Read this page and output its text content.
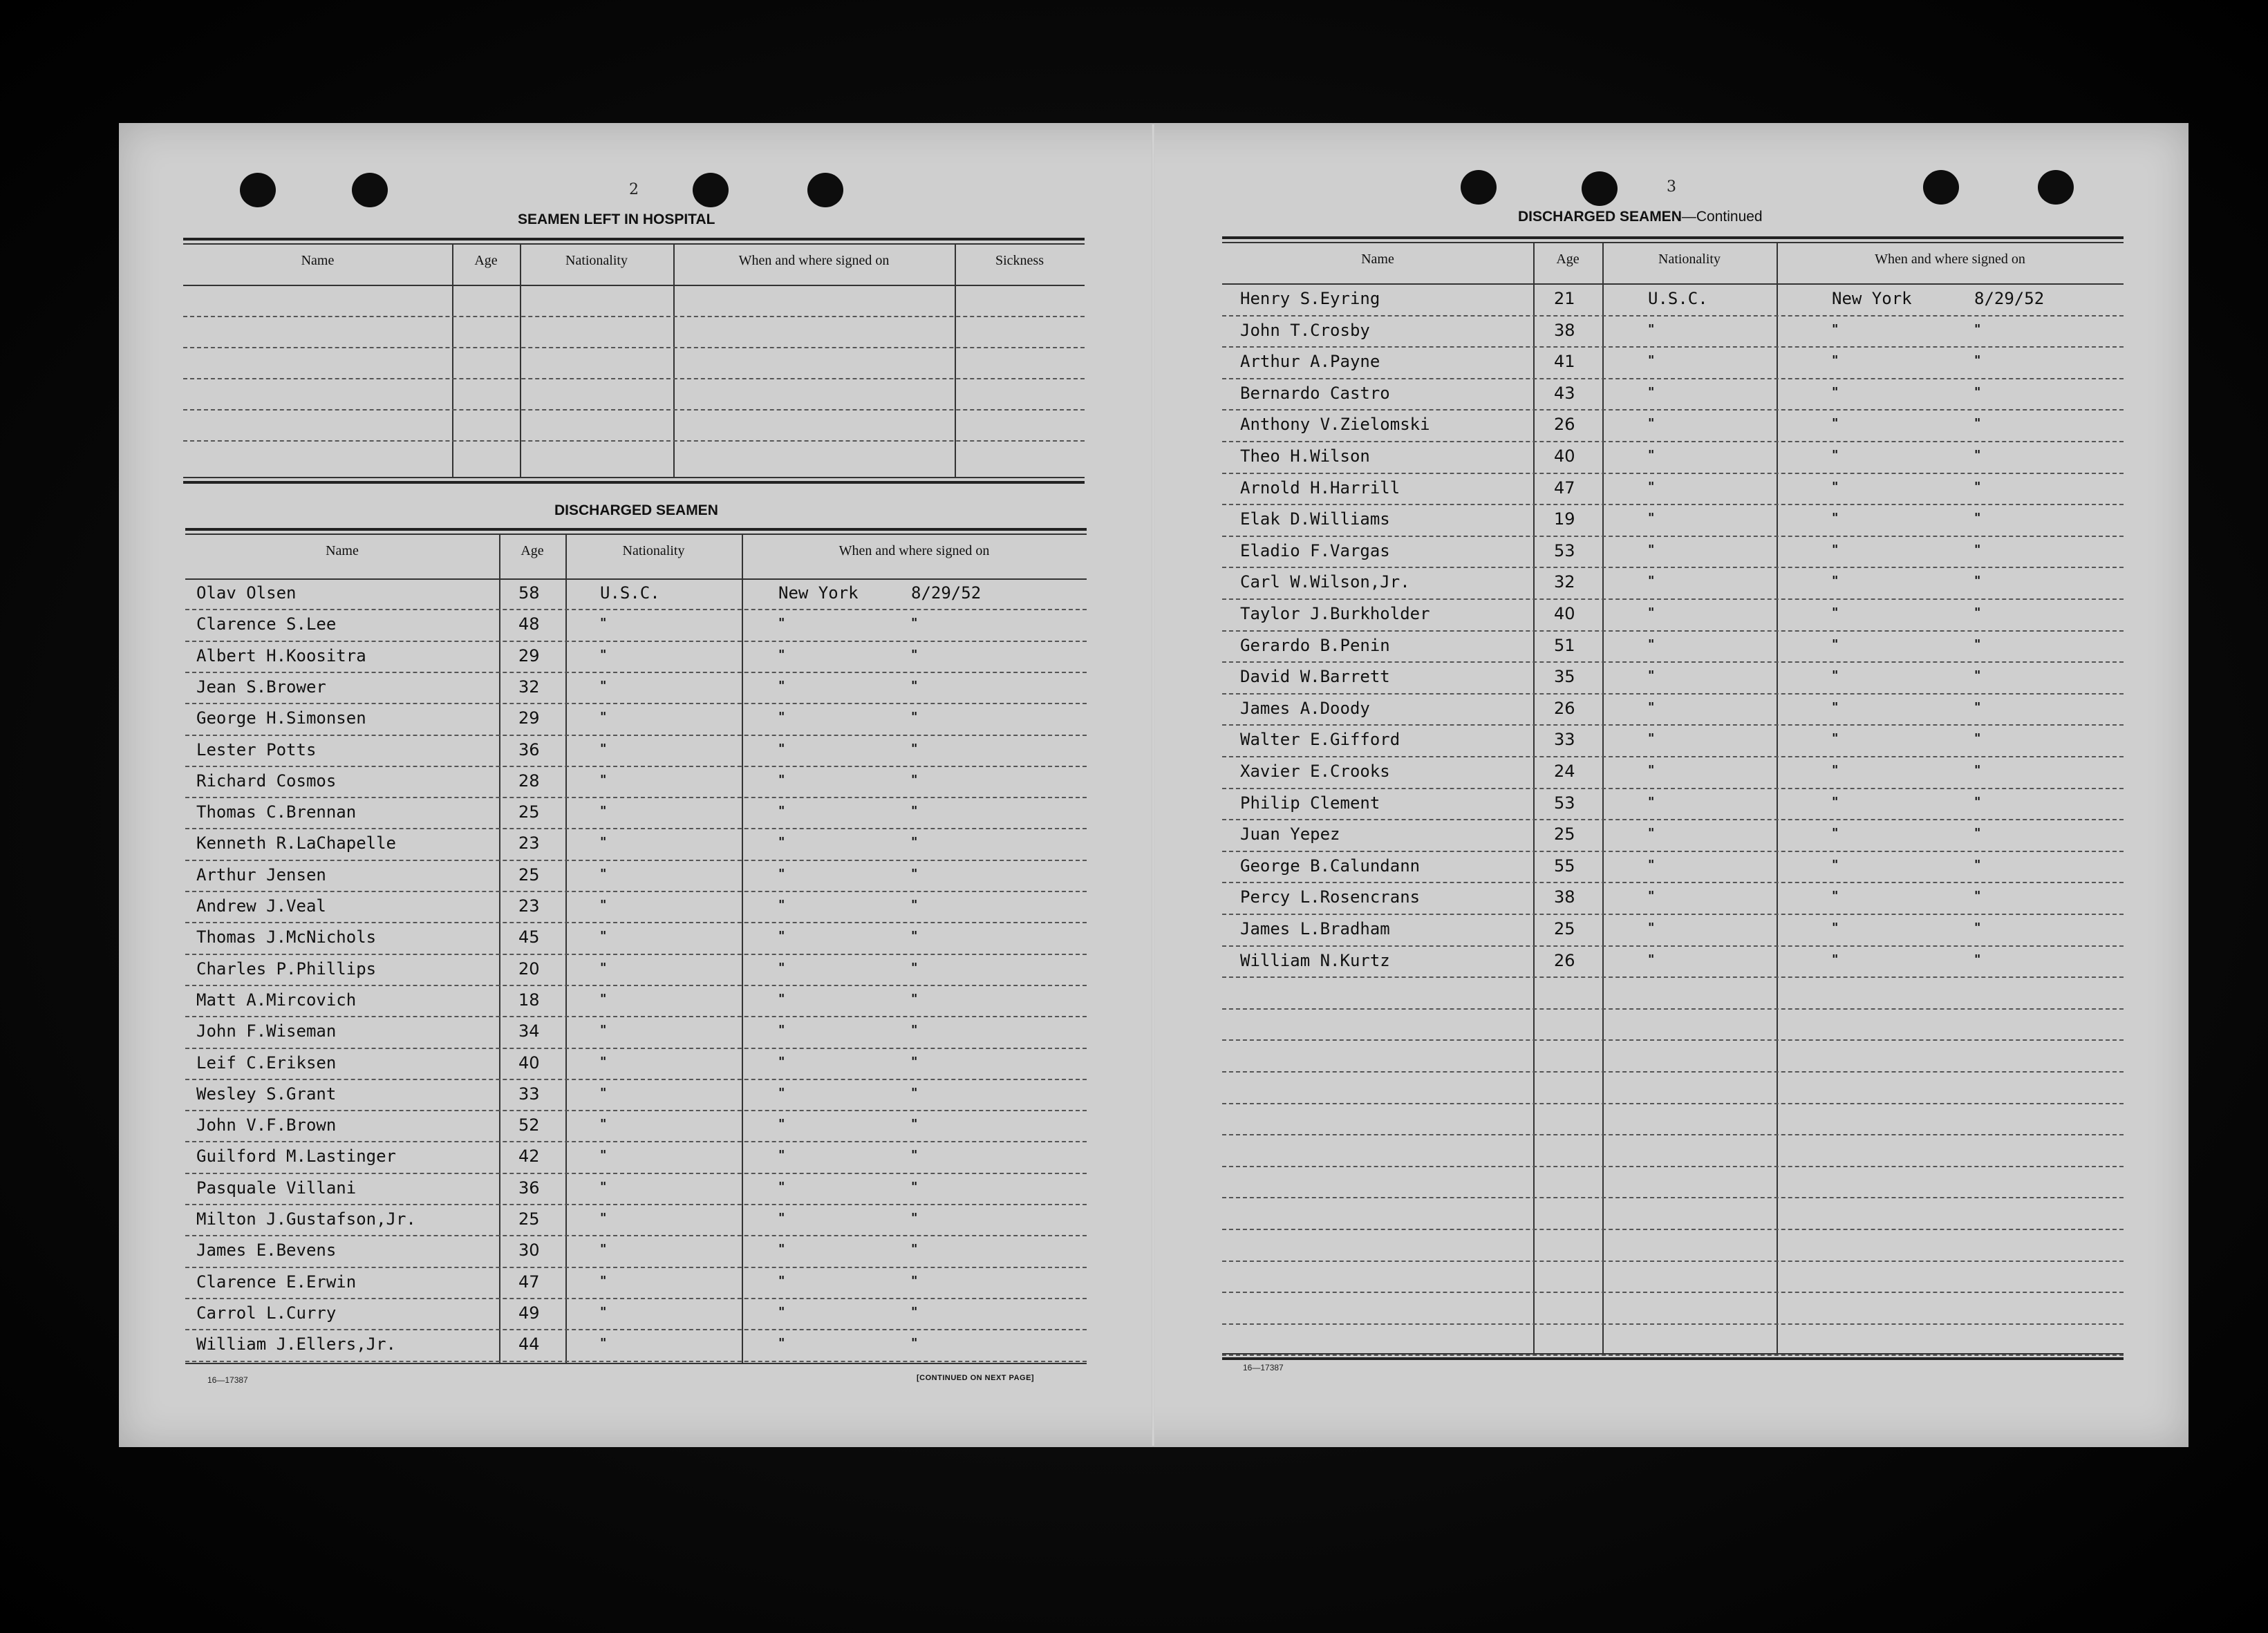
2
SEAMEN LEFT IN HOSPITAL
Name	Age	Nationality	When and where signed on	Sickness
DISCHARGED SEAMEN
Name	Age	Nationality	When and where signed on
Olav Olsen	58	U.S.C.	New York	8/29/52
Clarence S.Lee	48	"	"	"
Albert H.Koositra	29	"	"	"
Jean S.Brower	32	"	"	"
George H.Simonsen	29	"	"	"
Lester Potts	36	"	"	"
Richard Cosmos	28	"	"	"
Thomas C.Brennan	25	"	"	"
Kenneth R.LaChapelle	23	"	"	"
Arthur Jensen	25	"	"	"
Andrew J.Veal	23	"	"	"
Thomas J.McNichols	45	"	"	"
Charles P.Phillips	20	"	"	"
Matt A.Mircovich	18	"	"	"
John F.Wiseman	34	"	"	"
Leif C.Eriksen	40	"	"	"
Wesley S.Grant	33	"	"	"
John V.F.Brown	52	"	"	"
Guilford M.Lastinger	42	"	"	"
Pasquale Villani	36	"	"	"
Milton J.Gustafson,Jr.	25	"	"	"
James E.Bevens	30	"	"	"
Clarence E.Erwin	47	"	"	"
Carrol L.Curry	49	"	"	"
William J.Ellers,Jr.	44	"	"	"
16—17387	[CONTINUED ON NEXT PAGE]
3
DISCHARGED SEAMEN—Continued
Name	Age	Nationality	When and where signed on
Henry S.Eyring	21	U.S.C.	New York	8/29/52
John T.Crosby	38	"	"	"
Arthur A.Payne	41	"	"	"
Bernardo Castro	43	"	"	"
Anthony V.Zielomski	26	"	"	"
Theo H.Wilson	40	"	"	"
Arnold H.Harrill	47	"	"	"
Elak D.Williams	19	"	"	"
Eladio F.Vargas	53	"	"	"
Carl W.Wilson,Jr.	32	"	"	"
Taylor J.Burkholder	40	"	"	"
Gerardo B.Penin	51	"	"	"
David W.Barrett	35	"	"	"
James A.Doody	26	"	"	"
Walter E.Gifford	33	"	"	"
Xavier E.Crooks	24	"	"	"
Philip Clement	53	"	"	"
Juan Yepez	25	"	"	"
George B.Calundann	55	"	"	"
Percy L.Rosencrans	38	"	"	"
James L.Bradham	25	"	"	"
William N.Kurtz	26	"	"	"
16—17387
